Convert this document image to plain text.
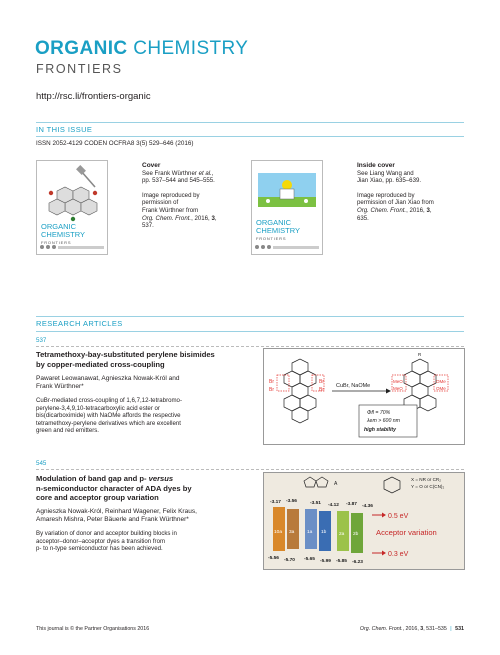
ORGANIC CHEMISTRY
FRONTIERS
http://rsc.li/frontiers-organic
IN THIS ISSUE
ISSN 2052-4129 CODEN OCFRA8 3(5) 529–646 (2016)
ORGANIC
CHEMISTRY
FRONTIERS
Cover
See Frank Würthner et al.,
pp. 537–544 and 545–555.
Image reproduced by
permission of
Frank Würthner from
Org. Chem. Front., 2016, 3,
537.	ORGANIC
CHEMISTRY
FRONTIERS
Inside cover
See Liang Wang and
Jian Xiao, pp. 635–639.
Image reproduced by
permission of Jian Xiao from
Org. Chem. Front., 2016, 3,
635.
RESEARCH ARTICLES
537
Tetramethoxy-bay-substituted perylene bisimides
by copper-mediated cross-coupling
Pawaret Leowanawat, Agnieszka Nowak-Król and
Frank Würthner*
CuBr-mediated cross-coupling of 1,6,7,12-tetrabromo-
perylene-3,4,9,10-tetracarboxylic acid ester or
bis(dicarboximide) with NaOMe affords the respective
tetramethoxy-perylene derivatives which are excellent
green and red emitters.
Br
Br
Br
Br
CuBr, NaOMe
R
MeO
MeO
OMe
OMe
Φfl = 70%
λem > 600 nm
high stability
545
Modulation of band gap and p- versus
n-semiconductor character of ADA dyes by
core and acceptor group variation
Agnieszka Nowak-Król, Reinhard Wagener, Felix Kraus,
Amaresh Mishra, Peter Bäuerle and Frank Würthner*
By variation of donor and acceptor building blocks in
acceptor–donor–acceptor dyes a transition from
p- to n-type semiconductor has been achieved.
A
X = NR or CR₂
Y = O or C(CN)₂
-3.17 -3.56	-3.51 -4.12 -3.87 -4.36
10a 3a	1a 1b	2a 2b
-5.56 -5.70 -5.65 -5.99 -5.85 -6.23
0.5 eV
Acceptor variation
0.3 eV
This journal is © the Partner Organisations 2016	Org. Chem. Front., 2016, 3, 531–535 | 531
